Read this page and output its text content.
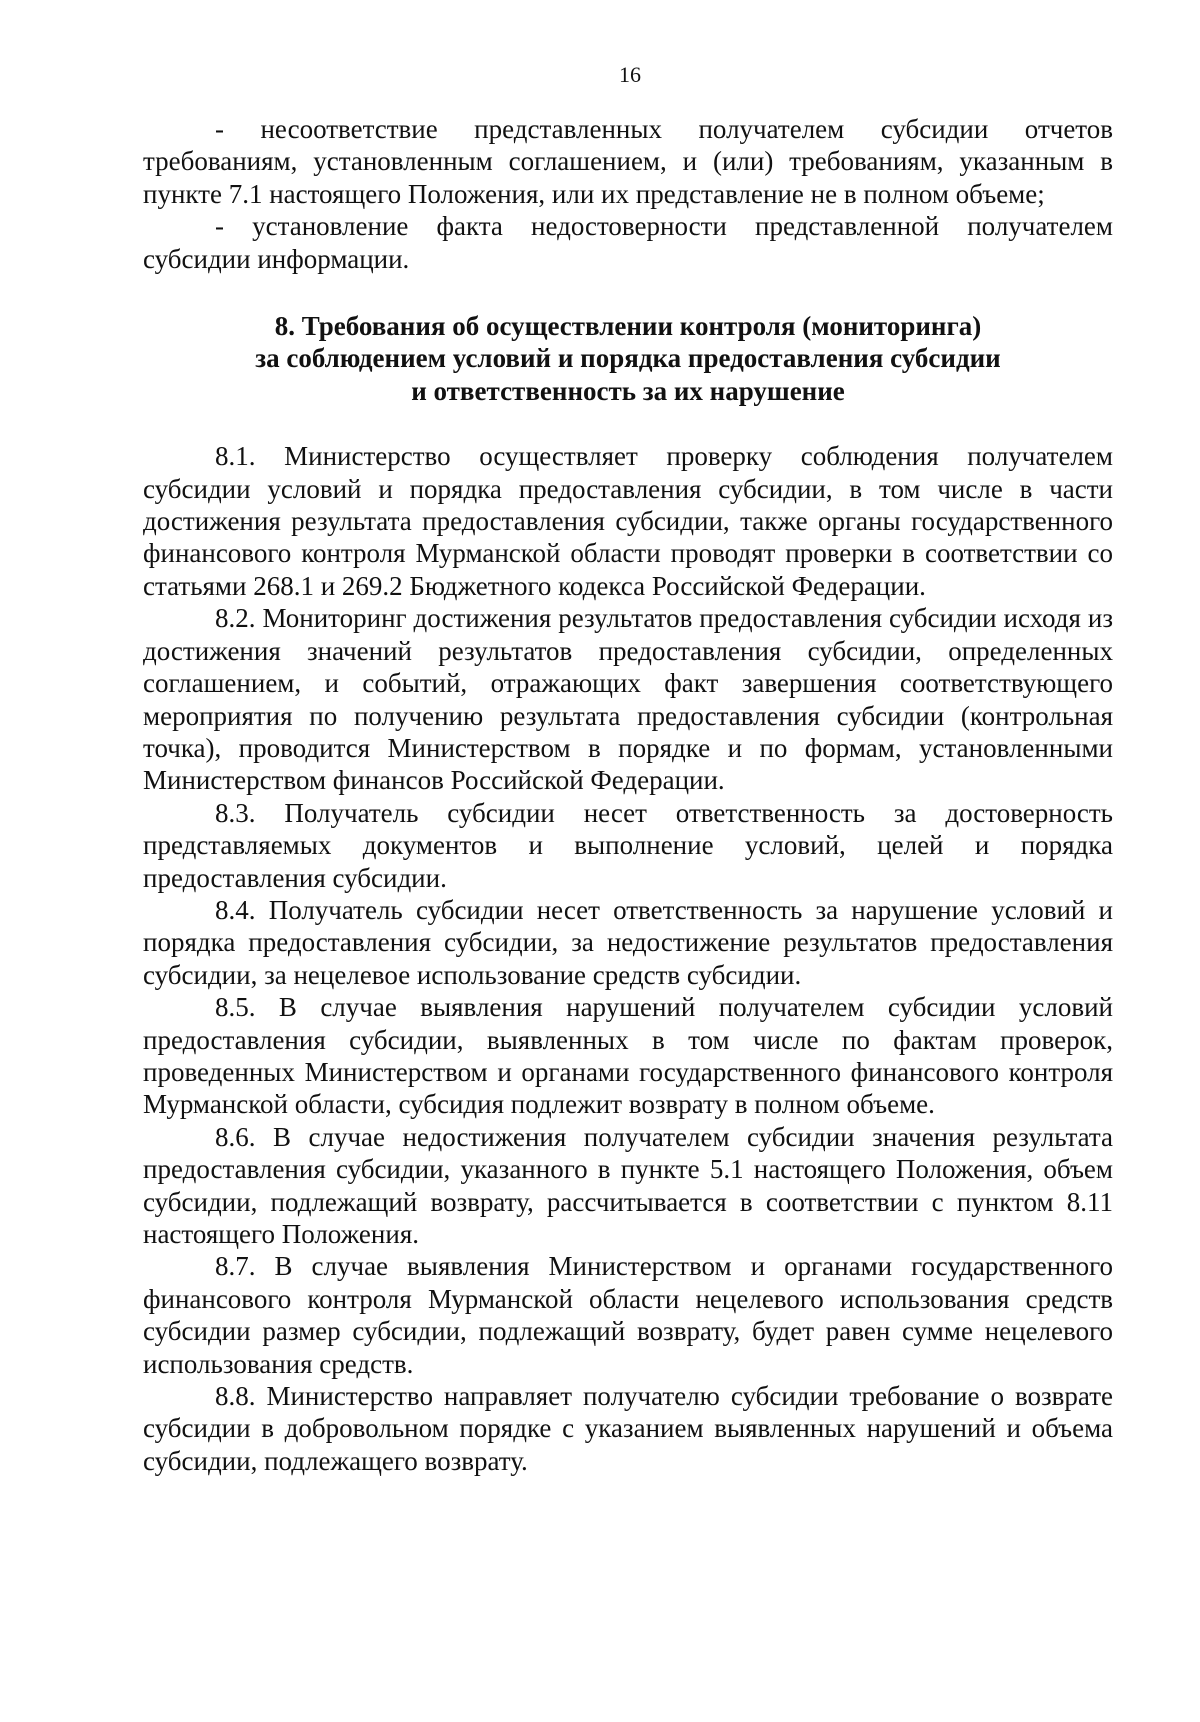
16

- несоответствие представленных получателем субсидии отчетов требованиям, установленным соглашением, и (или) требованиям, указанным в пункте 7.1 настоящего Положения, или их представление не в полном объеме;

- установление факта недостоверности представленной получателем субсидии информации.

8. Требования об осуществлении контроля (мониторинга)
за соблюдением условий и порядка предоставления субсидии
и ответственность за их нарушение

8.1. Министерство осуществляет проверку соблюдения получателем субсидии условий и порядка предоставления субсидии, в том числе в части достижения результата предоставления субсидии, также органы государственного финансового контроля Мурманской области проводят проверки в соответствии со статьями 268.1 и 269.2 Бюджетного кодекса Российской Федерации.

8.2. Мониторинг достижения результатов предоставления субсидии исходя из достижения значений результатов предоставления субсидии, определенных соглашением, и событий, отражающих факт завершения соответствующего мероприятия по получению результата предоставления субсидии (контрольная точка), проводится Министерством в порядке и по формам, установленными Министерством финансов Российской Федерации.

8.3. Получатель субсидии несет ответственность за достоверность представляемых документов и выполнение условий, целей и порядка предоставления субсидии.

8.4. Получатель субсидии несет ответственность за нарушение условий и порядка предоставления субсидии, за недостижение результатов предоставления субсидии, за нецелевое использование средств субсидии.

8.5. В случае выявления нарушений получателем субсидии условий предоставления субсидии, выявленных в том числе по фактам проверок, проведенных Министерством и органами государственного финансового контроля Мурманской области, субсидия подлежит возврату в полном объеме.

8.6. В случае недостижения получателем субсидии значения результата предоставления субсидии, указанного в пункте 5.1 настоящего Положения, объем субсидии, подлежащий возврату, рассчитывается в соответствии с пунктом 8.11 настоящего Положения.

8.7. В случае выявления Министерством и органами государственного финансового контроля Мурманской области нецелевого использования средств субсидии размер субсидии, подлежащий возврату, будет равен сумме нецелевого использования средств.

8.8. Министерство направляет получателю субсидии требование о возврате субсидии в добровольном порядке с указанием выявленных нарушений и объема субсидии, подлежащего возврату.
